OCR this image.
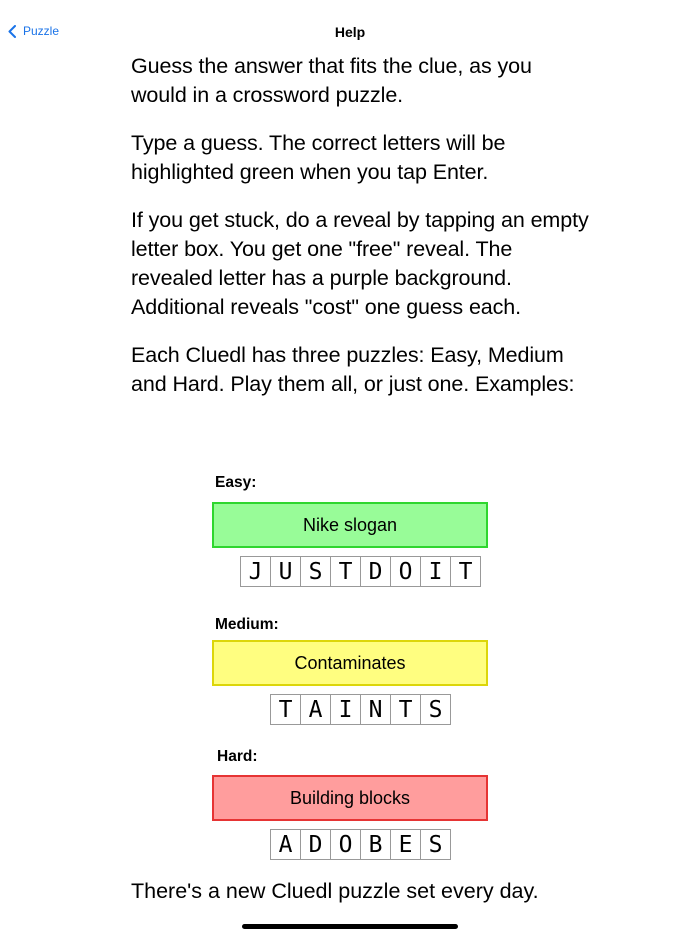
Puzzle	Help

Guess the answer that fits the clue, as you would in a crossword puzzle.

Type a guess. The correct letters will be highlighted green when you tap Enter.

If you get stuck, do a reveal by tapping an empty letter box. You get one "free" reveal. The revealed letter has a purple background. Additional reveals "cost" one guess each.

Each Cluedl has three puzzles: Easy, Medium and Hard. Play them all, or just one. Examples:

Easy:
Nike slogan
J U S T D O I T
Medium:
Contaminates
T A I N T S
Hard:
Building blocks
A D O B E S
There's a new Cluedl puzzle set every day.
